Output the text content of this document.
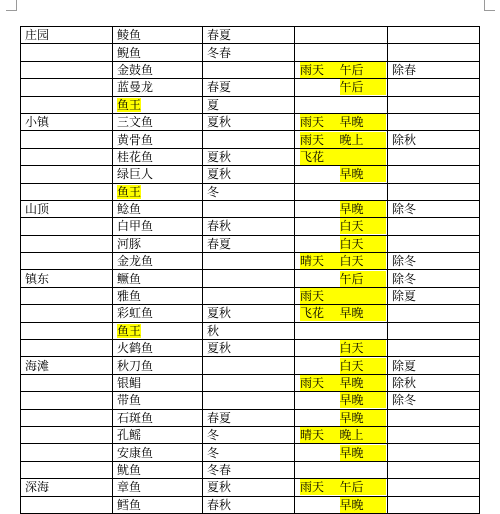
庄园	鲮鱼	春夏	

	鲵鱼	冬春	

	金鼓鱼		雨天 午后	除春
	蓝曼龙	春夏	午后	

	鱼王	夏	

小镇	三文鱼	夏秋	雨天 早晚	

	黄骨鱼		雨天 晚上	除秋
	桂花鱼	夏秋	飞花	

	绿巨人	夏秋	早晚	

	鱼王	冬	

山顶	鲶鱼		早晚	除冬
	白甲鱼	春秋	白天	

	河豚	春夏	白天	

	金龙鱼		晴天 白天	除冬
镇东	鳜鱼		午后	除冬
	雅鱼		雨天	除夏
	彩虹鱼	夏秋	飞花 早晚	

	鱼王	秋	

	火鹤鱼	夏秋	白天	

海滩	秋刀鱼		白天	除夏
	银鲳		雨天 早晚	除秋
	带鱼		早晚	除冬
	石斑鱼	春夏	早晚	

	孔鳐	冬	晴天 晚上	

	安康鱼	冬	早晚	

	鱿鱼	冬春	

深海	章鱼	夏秋	雨天 午后	

	鳕鱼	春秋	早晚	
